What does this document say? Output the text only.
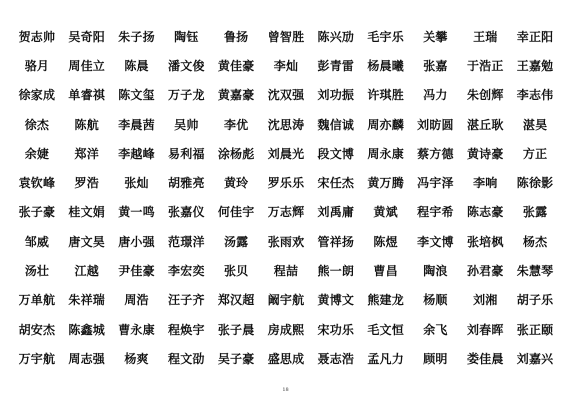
贺志帅	吴奇阳	朱子扬	陶钰	鲁扬	曾智胜	陈兴劢	毛宇乐	关攀	王瑞	幸正阳
骆月	周佳立	陈晨	潘文俊	黄佳豪	李灿	彭青雷	杨晨曦	张嘉	于浩正	王嘉勉
徐家成	单睿祺	陈文玺	万子龙	黄嘉豪	沈双强	刘功振	许琪胜	冯力	朱创辉	李志伟
徐杰	陈航	李晨茜	吴帅	李优	沈思涛	魏信诚	周亦麟	刘昉圆	湛丘耿	湛昊
余婕	郑洋	李越峰	易利福	涂杨彪	刘晨光	段文博	周永康	蔡方德	黄诗豪	方正
袁钦峰	罗浩	张灿	胡雅亮	黄玲	罗乐乐	宋任杰	黄万腾	冯宇泽	李响	陈徐影
张子豪	桂文娟	黄一鸣	张嘉仪	何佳宇	万志辉	刘禹庸	黄斌	程宇希	陈志豪	张露
邹威	唐文昊	唐小强	范璟洋	汤露	张雨欢	管祥扬	陈煜	李文博	张培枫	杨杰
汤壮	江越	尹佳豪	李宏奕	张贝	程喆	熊一朗	曹昌	陶浪	孙君豪	朱慧琴
万单航	朱祥瑞	周浩	汪子齐	郑汉超	阚宇航	黄博文	熊建龙	杨顺	刘湘	胡子乐
胡安杰	陈鑫城	曹永康	程焕宇	张子晨	房成熙	宋功乐	毛文恒	余飞	刘春晖	张正颐
万宇航	周志强	杨爽	程文劭	吴子豪	盛思成	聂志浩	孟凡力	顾明	娄佳晨	刘嘉兴
18
